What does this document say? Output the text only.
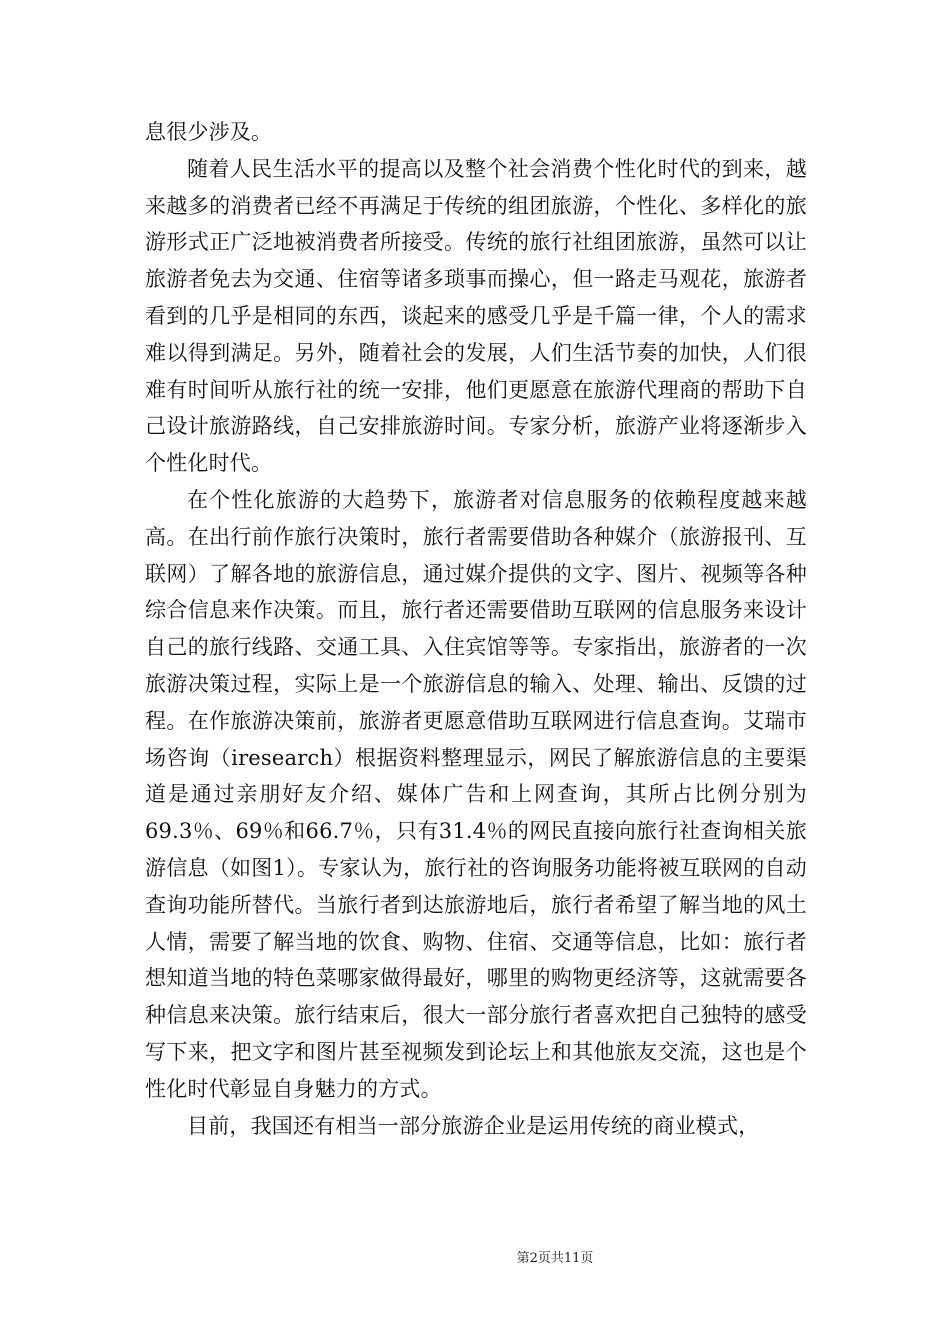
息很少涉及。

随着人民生活水平的提高以及整个社会消费个性化时代的到来，越来越多的消费者已经不再满足于传统的组团旅游，个性化、多样化的旅游形式正广泛地被消费者所接受。传统的旅行社组团旅游，虽然可以让旅游者免去为交通、住宿等诸多琐事而操心，但一路走马观花，旅游者看到的几乎是相同的东西，谈起来的感受几乎是千篇一律，个人的需求难以得到满足。另外，随着社会的发展，人们生活节奏的加快，人们很难有时间听从旅行社的统一安排，他们更愿意在旅游代理商的帮助下自己设计旅游路线，自己安排旅游时间。专家分析，旅游产业将逐渐步入个性化时代。

在个性化旅游的大趋势下，旅游者对信息服务的依赖程度越来越高。在出行前作旅行决策时，旅行者需要借助各种媒介（旅游报刊、互联网）了解各地的旅游信息，通过媒介提供的文字、图片、视频等各种综合信息来作决策。而且，旅行者还需要借助互联网的信息服务来设计自己的旅行线路、交通工具、入住宾馆等等。专家指出，旅游者的一次旅游决策过程，实际上是一个旅游信息的输入、处理、输出、反馈的过程。在作旅游决策前，旅游者更愿意借助互联网进行信息查询。艾瑞市场咨询（iresearch）根据资料整理显示，网民了解旅游信息的主要渠道是通过亲朋好友介绍、媒体广告和上网查询，其所占比例分别为69.3％、69％和66.7％，只有31.4％的网民直接向旅行社查询相关旅游信息（如图1）。专家认为，旅行社的咨询服务功能将被互联网的自动查询功能所替代。当旅行者到达旅游地后，旅行者希望了解当地的风土人情，需要了解当地的饮食、购物、住宿、交通等信息，比如：旅行者想知道当地的特色菜哪家做得最好，哪里的购物更经济等，这就需要各种信息来决策。旅行结束后，很大一部分旅行者喜欢把自己独特的感受写下来，把文字和图片甚至视频发到论坛上和其他旅友交流，这也是个性化时代彰显自身魅力的方式。

目前，我国还有相当一部分旅游企业是运用传统的商业模式，

第2页共11页
